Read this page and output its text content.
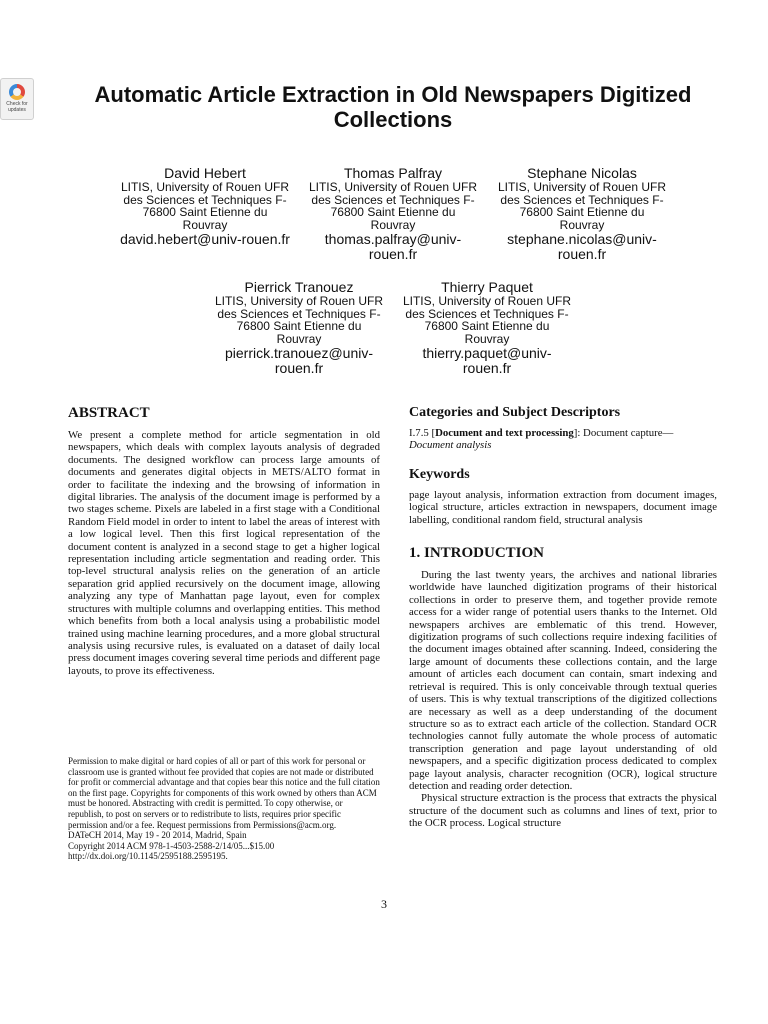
Check for updates
Automatic Article Extraction in Old Newspapers Digitized Collections
David Hebert
LITIS, University of Rouen UFR des Sciences et Techniques F-76800 Saint Etienne du Rouvray
david.hebert@univ-rouen.fr
Thomas Palfray
LITIS, University of Rouen UFR des Sciences et Techniques F-76800 Saint Etienne du Rouvray
thomas.palfray@univ-rouen.fr
Stephane Nicolas
LITIS, University of Rouen UFR des Sciences et Techniques F-76800 Saint Etienne du Rouvray
stephane.nicolas@univ-rouen.fr
Pierrick Tranouez
LITIS, University of Rouen UFR des Sciences et Techniques F-76800 Saint Etienne du Rouvray
pierrick.tranouez@univ-rouen.fr
Thierry Paquet
LITIS, University of Rouen UFR des Sciences et Techniques F-76800 Saint Etienne du Rouvray
thierry.paquet@univ-rouen.fr
ABSTRACT

We present a complete method for article segmentation in old newspapers, which deals with complex layouts analysis of degraded documents. The designed workflow can process large amounts of documents and generates digital objects in METS/ALTO format in order to facilitate the indexing and the browsing of information in digital libraries. The analysis of the document image is performed by a two stages scheme. Pixels are labeled in a first stage with a Conditional Random Field model in order to intent to label the areas of interest with a low logical level. Then this first logical representation of the document content is analyzed in a second stage to get a higher logical representation including article segmentation and reading order. This top-level structural analysis relies on the generation of an article separation grid applied recursively on the document image, allowing analyzing any type of Manhattan page layout, even for complex structures with multiple columns and overlapping entities. This method which benefits from both a local analysis using a probabilistic model trained using machine learning procedures, and a more global structural analysis using recursive rules, is evaluated on a dataset of daily local press document images covering several time periods and different page layouts, to prove its effectiveness.

Permission to make digital or hard copies of all or part of this work for personal or classroom use is granted without fee provided that copies are not made or distributed for profit or commercial advantage and that copies bear this notice and the full citation on the first page. Copyrights for components of this work owned by others than ACM must be honored. Abstracting with credit is permitted. To copy otherwise, or republish, to post on servers or to redistribute to lists, requires prior specific permission and/or a fee. Request permissions from Permissions@acm.org.
DATeCH 2014, May 19 - 20 2014, Madrid, Spain
Copyright 2014 ACM 978-1-4503-2588-2/14/05...$15.00
http://dx.doi.org/10.1145/2595188.2595195.
Categories and Subject Descriptors

I.7.5 [Document and text processing]: Document capture—Document analysis

Keywords

page layout analysis, information extraction from document images, logical structure, articles extraction in newspapers, document image labelling, conditional random field, structural analysis

1. INTRODUCTION

During the last twenty years, the archives and national libraries worldwide have launched digitization programs of their historical collections in order to preserve them, and together provide remote access for a wider range of potential users thanks to the Internet. Old newspapers archives are emblematic of this trend. However, digitization programs of such collections require indexing facilities of the document images obtained after scanning. Indeed, considering the large amount of documents these collections contain, and the large amount of articles each document can contain, smart indexing and retrieval is required. This is only conceivable through textual queries of users. This is why textual transcriptions of the digitized collections are necessary as well as a deep understanding of the document structure so as to extract each article of the collection. Standard OCR technologies cannot fully automate the whole process of automatic transcription generation and page layout understanding of old newspapers, and a specific digitization process dedicated to complex page layout analysis, character recognition (OCR), logical structure detection and reading order detection.

Physical structure extraction is the process that extracts the physical structure of the document such as columns and lines of text, prior to the OCR process. Logical structure

3
